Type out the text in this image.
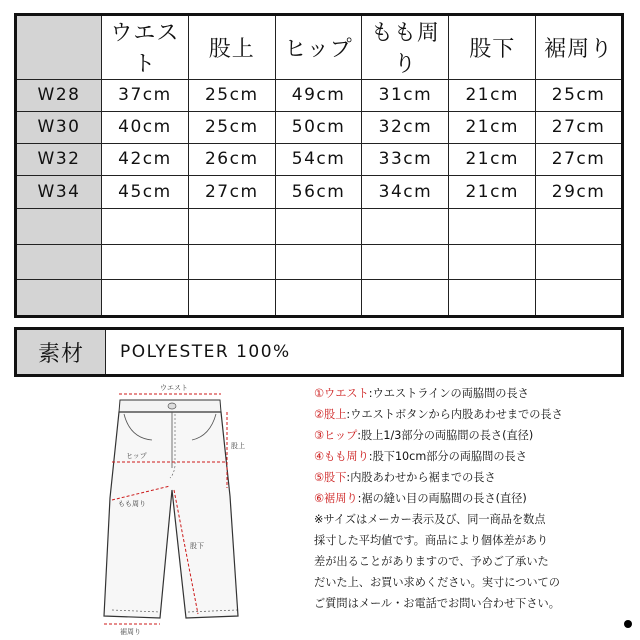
	ウエスト	股上	ヒップ	もも周り	股下	裾周り
W28	37cm	25cm	49cm	31cm	21cm	25cm
W30	40cm	25cm	50cm	32cm	21cm	27cm
W32	42cm	26cm	54cm	33cm	21cm	27cm
W34	45cm	27cm	56cm	34cm	21cm	29cm

素材	POLYESTER 100%
ウエスト
股上
ヒップ
もも周り
股下
裾周り
①ウエスト:ウエストラインの両脇間の長さ
②股上:ウエストボタンから内股あわせまでの長さ
③ヒップ:股上1/3部分の両脇間の長さ(直径)
④もも周り:股下10cm部分の両脇間の長さ
⑤股下:内股あわせから裾までの長さ
⑥裾周り:裾の縫い目の両脇間の長さ(直径)

※サイズはメーカー表示及び、同一商品を数点

採寸した平均値です。商品により個体差があり

差が出ることがありますので、予めご了承いた

だいた上、お買い求めください。実寸についての

ご質問はメール・お電話でお問い合わせ下さい。
